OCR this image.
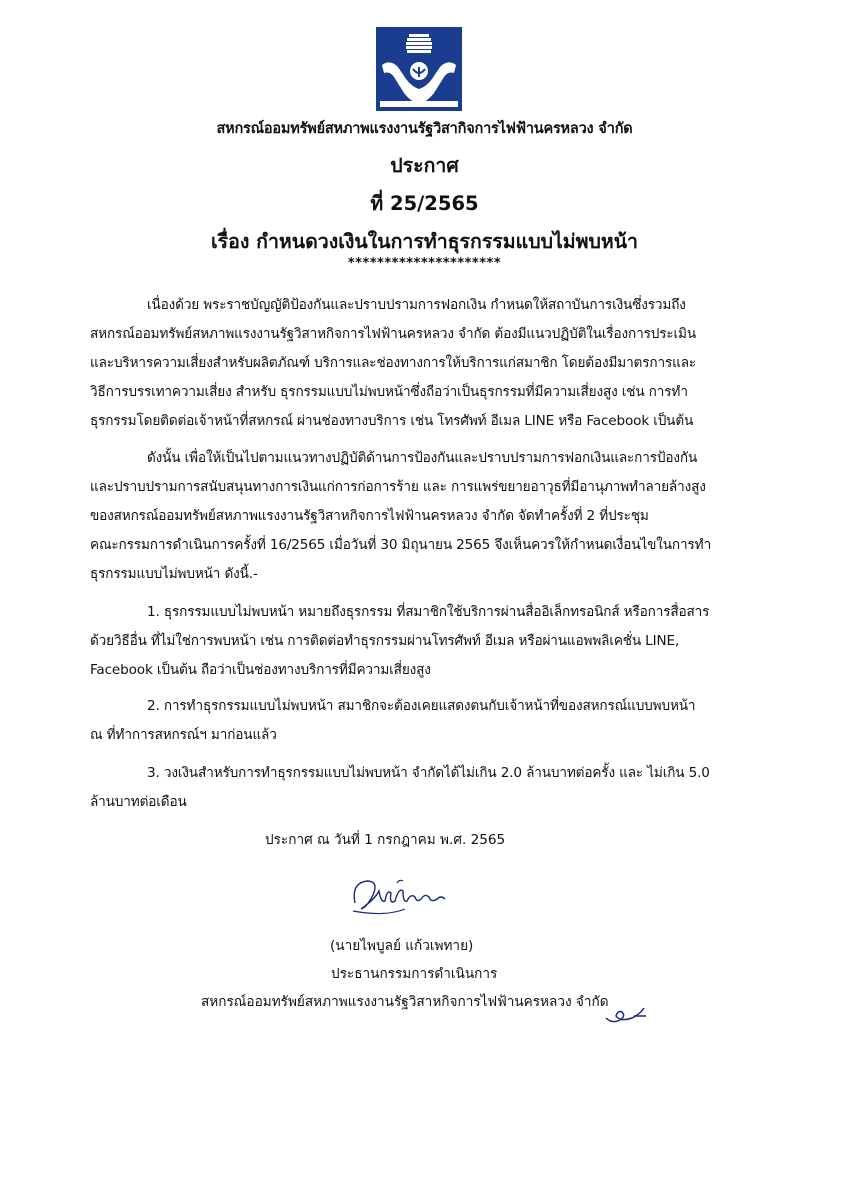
สหกรณ์ออมทรัพย์สหภาพแรงงานรัฐวิสากิจการไฟฟ้านครหลวง จำกัด
ประกาศ
ที่ 25/2565
เรื่อง กำหนดวงเงินในการทำธุรกรรมแบบไม่พบหน้า
*********************
เนื่องด้วย พระราชบัญญัติป้องกันและปราบปรามการฟอกเงิน กำหนดให้สถาบันการเงินซึ่งรวมถึง
สหกรณ์ออมทรัพย์สหภาพแรงงานรัฐวิสาหกิจการไฟฟ้านครหลวง จำกัด ต้องมีแนวปฏิบัติในเรื่องการประเมิน
และบริหารความเสี่ยงสำหรับผลิตภัณฑ์ บริการและช่องทางการให้บริการแก่สมาชิก โดยต้องมีมาตรการและ
วิธีการบรรเทาความเสี่ยง สำหรับ ธุรกรรมแบบไม่พบหน้าซึ่งถือว่าเป็นธุรกรรมที่มีความเสี่ยงสูง เช่น การทำ
ธุรกรรมโดยติดต่อเจ้าหน้าที่สหกรณ์ ผ่านช่องทางบริการ เช่น โทรศัพท์ อีเมล LINE หรือ Facebook เป็นต้น
ดังนั้น เพื่อให้เป็นไปตามแนวทางปฏิบัติด้านการป้องกันและปราบปรามการฟอกเงินและการป้องกัน
และปราบปรามการสนับสนุนทางการเงินแก่การก่อการร้าย และ การแพร่ขยายอาวุธที่มีอานุภาพทำลายล้างสูง
ของสหกรณ์ออมทรัพย์สหภาพแรงงานรัฐวิสาหกิจการไฟฟ้านครหลวง จำกัด จัดทำครั้งที่ 2 ที่ประชุม
คณะกรรมการดำเนินการครั้งที่ 16/2565 เมื่อวันที่ 30 มิถุนายน 2565 จึงเห็นควรให้กำหนดเงื่อนไขในการทำ
ธุรกรรมแบบไม่พบหน้า ดังนี้.-
1. ธุรกรรมแบบไม่พบหน้า หมายถึงธุรกรรม ที่สมาชิกใช้บริการผ่านสื่ออิเล็กทรอนิกส์ หรือการสื่อสาร
ด้วยวิธีอื่น ที่ไม่ใช่การพบหน้า เช่น การติดต่อทำธุรกรรมผ่านโทรศัพท์ อีเมล หรือผ่านแอพพลิเคชั่น LINE,
Facebook เป็นต้น ถือว่าเป็นช่องทางบริการที่มีความเสี่ยงสูง
2. การทำธุรกรรมแบบไม่พบหน้า สมาชิกจะต้องเคยแสดงตนกับเจ้าหน้าที่ของสหกรณ์แบบพบหน้า
ณ ที่ทำการสหกรณ์ฯ มาก่อนแล้ว
3. วงเงินสำหรับการทำธุรกรรมแบบไม่พบหน้า จำกัดได้ไม่เกิน 2.0 ล้านบาทต่อครั้ง และ ไม่เกิน 5.0
ล้านบาทต่อเดือน
ประกาศ ณ วันที่ 1 กรกฎาคม พ.ศ. 2565
(นายไพบูลย์ แก้วเพทาย)
ประธานกรรมการดำเนินการ
สหกรณ์ออมทรัพย์สหภาพแรงงานรัฐวิสาหกิจการไฟฟ้านครหลวง จำกัด
